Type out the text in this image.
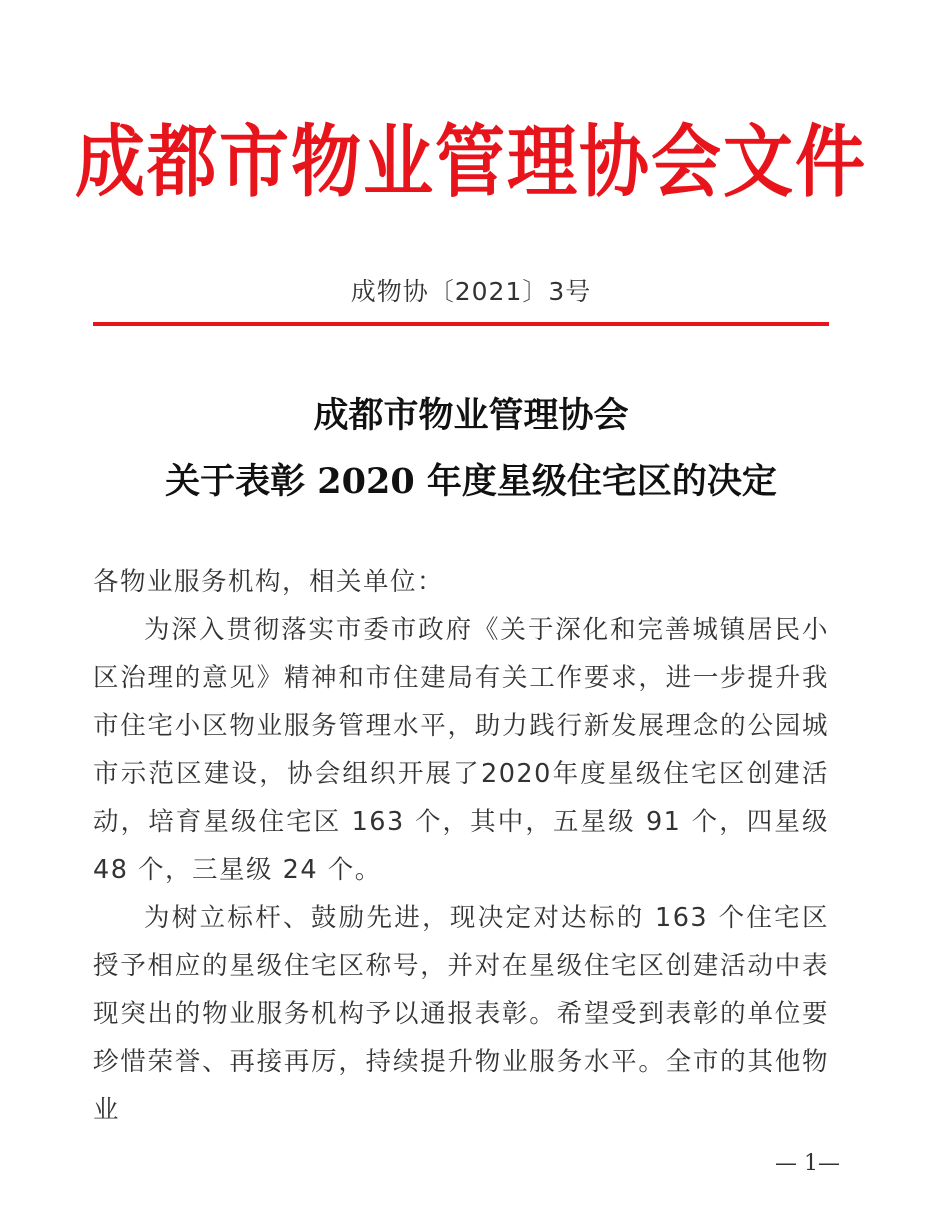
成都市物业管理协会文件
成物协〔2021〕3号
成都市物业管理协会
关于表彰 2020 年度星级住宅区的决定

各物业服务机构，相关单位：

为深入贯彻落实市委市政府《关于深化和完善城镇居民小区治理的意见》精神和市住建局有关工作要求，进一步提升我市住宅小区物业服务管理水平，助力践行新发展理念的公园城市示范区建设，协会组织开展了2020年度星级住宅区创建活动，培育星级住宅区 163 个，其中，五星级 91 个，四星级 48 个，三星级 24 个。

为树立标杆、鼓励先进，现决定对达标的 163 个住宅区授予相应的星级住宅区称号，并对在星级住宅区创建活动中表现突出的物业服务机构予以通报表彰。希望受到表彰的单位要珍惜荣誉、再接再厉，持续提升物业服务水平。全市的其他物业

— 1—
